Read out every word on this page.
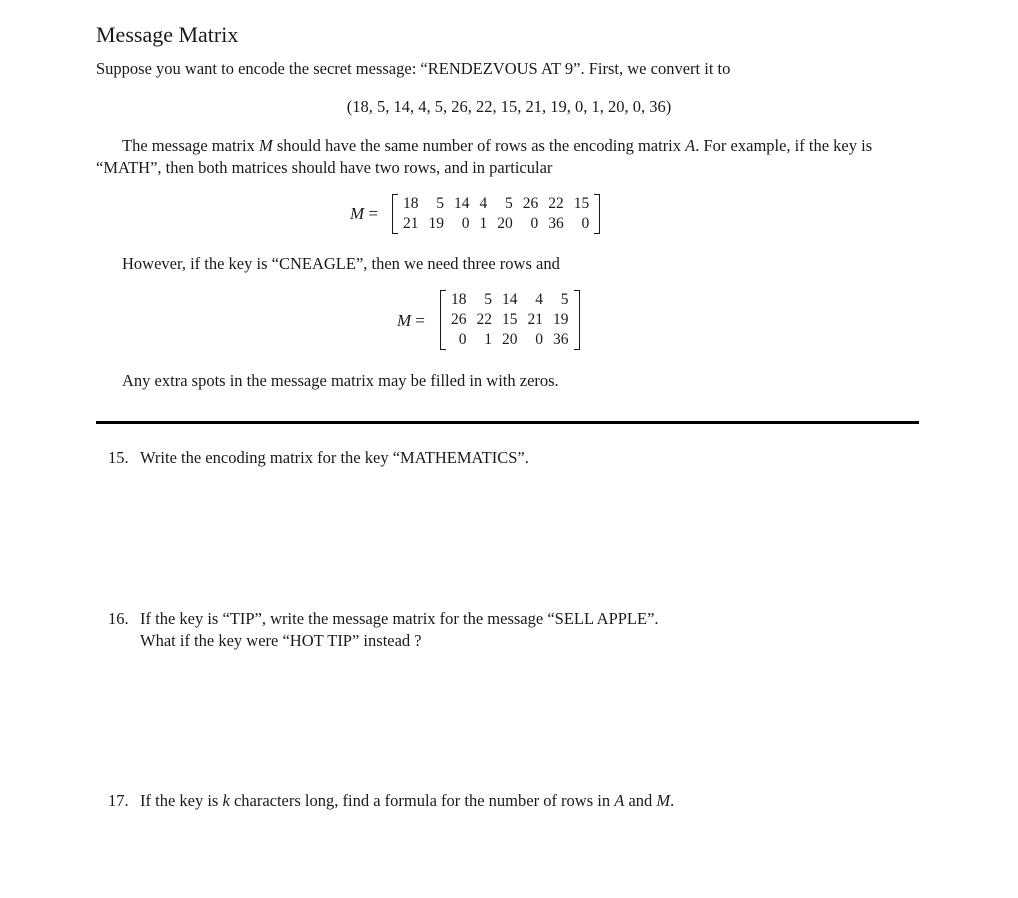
Message Matrix
Suppose you want to encode the secret message: “RENDEZVOUS AT 9”. First, we convert it to
(18, 5, 14, 4, 5, 26, 22, 15, 21, 19, 0, 1, 20, 0, 36)
The message matrix M should have the same number of rows as the encoding matrix A. For example, if the key is “MATH”, then both matrices should have two rows, and in particular
M =
18	5	14	4	5	26	22	15
21	19	0	1	20	0	36	0
However, if the key is “CNEAGLE”, then we need three rows and
M =
18	5	14	4	5
26	22	15	21	19
0	1	20	0	36
Any extra spots in the message matrix may be filled in with zeros.
15. Write the encoding matrix for the key “MATHEMATICS”.
16. If the key is “TIP”, write the message matrix for the message “SELL APPLE”.
What if the key were “HOT TIP” instead ?
17. If the key is k characters long, find a formula for the number of rows in A and M.
